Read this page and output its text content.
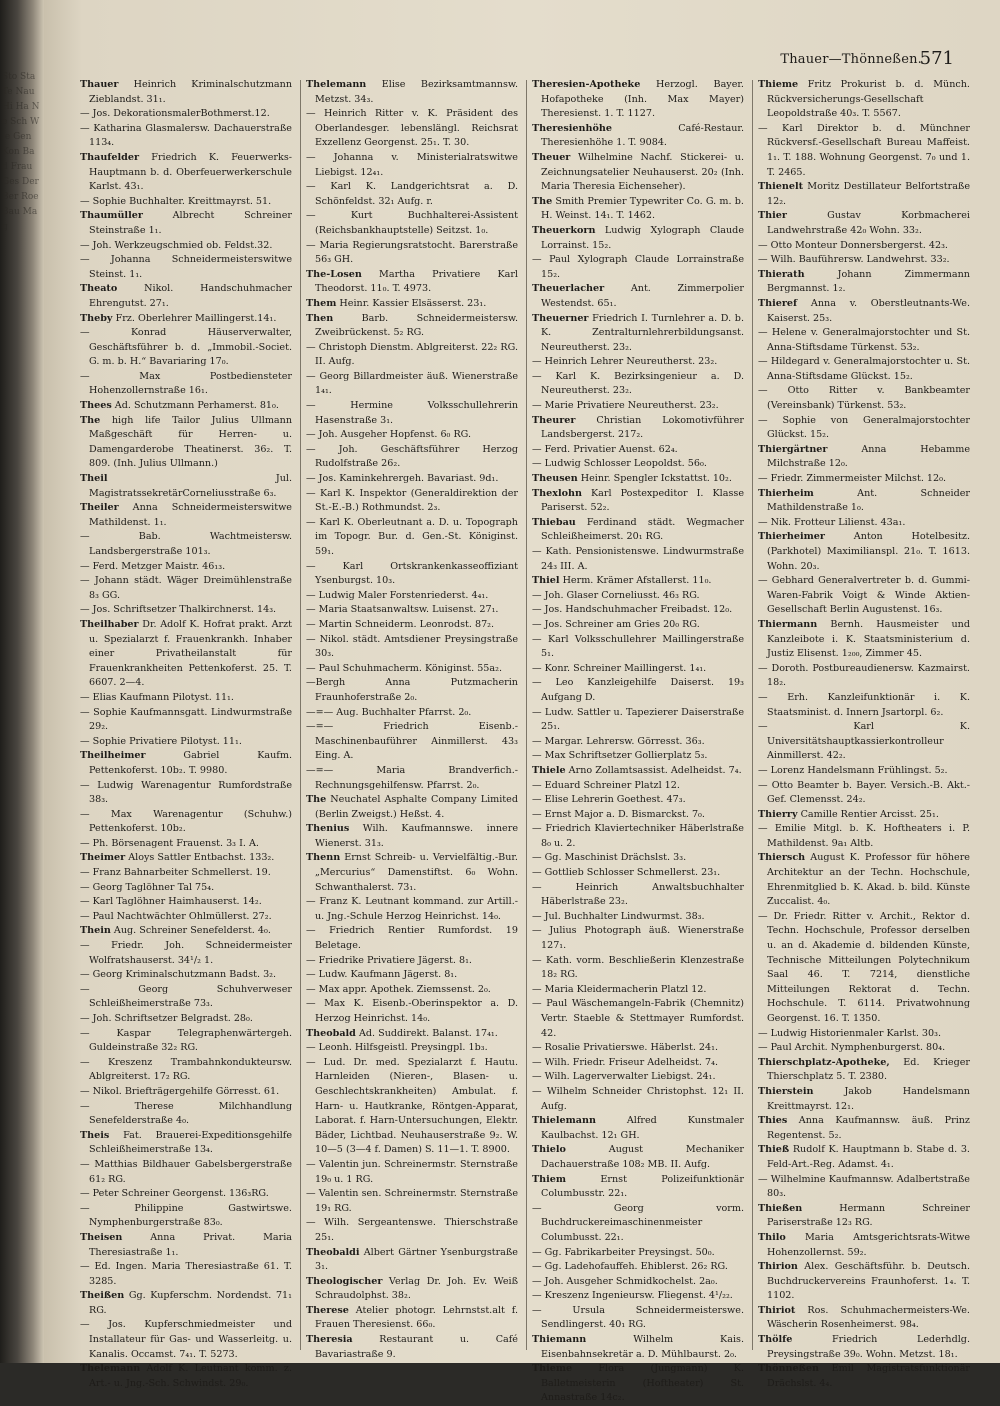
Sto Sta Te Nau Hi Ha Ne Sch Wie Gen Kon Bad Frau Ges Der Ber Roe Bau Mag
Thauer—Thönneßen.
571

Thauer Heinrich Kriminalschutzmann Zieblandst. 31₁.

— Jos. DekorationsmalerBothmerst.12.

— Katharina Glasmalersw. Dachauerstraße 113₄.

Thaufelder Friedrich K. Feuerwerks-Hauptmann b. d. Oberfeuerwerkerschule Karlst. 43₁.

— Sophie Buchhalter. Kreittmayrst. 51.

Thaumüller Albrecht Schreiner Steinstraße 1₁.

— Joh. Werkzeugschmied ob. Feldst.32.

— Johanna Schneidermeisterswitwe Steinst. 1₁.

Theato Nikol. Handschuhmacher Ehrengutst. 27₁.

Theby Frz. Oberlehrer Maillingerst.14₁.

— Konrad Häuserverwalter, Geschäftsführer b. d. „Immobil.-Societ. G. m. b. H.“ Bavariaring 17₀.

— Max Postbediensteter Hohenzollernstraße 16₁.

Thees Ad. Schutzmann Perhamerst. 81₀.

The high life Tailor Julius Ullmann Maßgeschäft für Herren- u. Damengarderobe Theatinerst. 36₂. T. 809. (Inh. Julius Ullmann.)

Theil Jul. MagistratssekretärCorneliusstraße 6₃.

Theiler Anna Schneidermeisterswitwe Mathildenst. 1₁.

— Bab. Wachtmeistersw. Landsbergerstraße 101₃.

— Ferd. Metzger Maistr. 46₁₃.

— Johann städt. Wäger Dreimühlenstraße 8₃ GG.

— Jos. Schriftsetzer Thalkirchnerst. 14₃.

Theilhaber Dr. Adolf K. Hofrat prakt. Arzt u. Spezialarzt f. Frauenkrankh. Inhaber einer Privatheilanstalt für Frauenkrankheiten Pettenkoferst. 25. T. 6607. 2—4.

— Elias Kaufmann Pilotyst. 11₁.

— Sophie Kaufmannsgatt. Lindwurmstraße 29₂.

— Sophie Privatiere Pilotyst. 11₁.

Theilheimer Gabriel Kaufm. Pettenkoferst. 10b₂. T. 9980.

— Ludwig Warenagentur Rumfordstraße 38₃.

— Max Warenagentur (Schuhw.) Pettenkoferst. 10b₂.

— Ph. Börsenagent Frauenst. 3₃ I. A.

Theimer Aloys Sattler Entbachst. 133₂.

— Franz Bahnarbeiter Schmellerst. 19.

— Georg Taglöhner Tal 75₄.

— Karl Taglöhner Haimhauserst. 14₂.

— Paul Nachtwächter Ohlmüllerst. 27₂.

Thein Aug. Schreiner Senefelderst. 4₀.

— Friedr. Joh. Schneidermeister Wolfratshauserst. 34¹/₂ 1.

— Georg Kriminalschutzmann Badst. 3₂.

— Georg Schuhverweser Schleißheimerstraße 73₃.

— Joh. Schriftsetzer Belgradst. 28₀.

— Kaspar Telegraphenwärtergeh. Guldeinstraße 32₂ RG.

— Kreszenz Trambahnkondukteursw. Ablgreiterst. 17₂ RG.

— Nikol. Briefträgergehilfe Görresst. 61.

— Therese Milchhandlung Senefelderstraße 4₀.

Theis Fat. Brauerei-Expeditionsgehilfe Schleißheimerstraße 13₄.

— Matthias Bildhauer Gabelsbergerstraße 61₂ RG.

— Peter Schreiner Georgenst. 136₃RG.

— Philippine Gastwirtswe. Nymphenburgerstraße 83₀.

Theisen Anna Privat. Maria Theresiastraße 1₁.

— Ed. Ingen. Maria Theresiastraße 61. T. 3285.

Theißen Gg. Kupferschm. Nordendst. 71₁ RG.

— Jos. Kupferschmiedmeister und Installateur für Gas- und Wasserleitg. u. Kanalis. Occamst. 7₄₁. T. 5273.

Thelemann Adolf K. Leutnant komm. z. Art.- u. Jng.-Sch. Schwindst. 29₀.

Thelemann Elise Bezirksamtmannsw. Metzst. 34₃.

— Heinrich Ritter v. K. Präsident des Oberlandesger. lebenslängl. Reichsrat Exzellenz Georgenst. 25₁. T. 30.

— Johanna v. Ministerialratswitwe Liebigst. 12₄₁.

— Karl K. Landgerichtsrat a. D. Schönfeldst. 32₁ Aufg. r.

— Kurt Buchhalterei-Assistent (Reichsbankhauptstelle) Seitzst. 1₀.

— Maria Regierungsratstocht. Barerstraße 56₃ GH.

The-Losen Martha Privatiere Karl Theodorst. 11₀. T. 4973.

Them Heinr. Kassier Elsässerst. 23₁.

Then Barb. Schneidermeistersw. Zweibrückenst. 5₂ RG.

— Christoph Dienstm. Ablgreiterst. 22₂ RG. II. Aufg.

— Georg Billardmeister äuß. Wienerstraße 1₄₁.

— Hermine Volksschullehrerin Hasenstraße 3₁.

— Joh. Ausgeher Hopfenst. 6₀ RG.

— Joh. Geschäftsführer Herzog Rudolfstraße 26₂.

— Jos. Kaminkehrergeh. Bavariast. 9d₁.

— Karl K. Inspektor (Generaldirektion der St.-E.-B.) Rothmundst. 2₃.

— Karl K. Oberleutnant a. D. u. Topograph im Topogr. Bur. d. Gen.-St. Königinst. 59₁.

— Karl Ortskrankenkasseoffiziant Ysenburgst. 10₃.

— Ludwig Maler Forstenriederst. 4₄₁.

— Maria Staatsanwaltsw. Luisenst. 27₁.

— Martin Schneiderm. Leonrodst. 87₂.

— Nikol. städt. Amtsdiener Preysingstraße 30₃.

— Paul Schuhmacherm. Königinst. 55a₂.

—Bergh Anna Putzmacherin Fraunhoferstraße 2₀.

—=— Aug. Buchhalter Pfarrst. 2₀.

—=— Friedrich Eisenb.-Maschinenbauführer Ainmillerst. 43₃ Eing. A.

—=— Maria Brandverfich.-Rechnungsgehilfensw. Pfarrst. 2₀.

The Neuchatel Asphalte Company Limited (Berlin Zweigst.) Heßst. 4.

Thenius Wilh. Kaufmannswe. innere Wienerst. 31₃.

Thenn Ernst Schreib- u. Vervielfältig.-Bur. „Mercurius“ Damenstiftst. 6₀ Wohn. Schwanthalerst. 73₁.

— Franz K. Leutnant kommand. zur Artill.- u. Jng.-Schule Herzog Heinrichst. 14₀.

— Friedrich Rentier Rumfordst. 19 Beletage.

— Friedrike Privatiere Jägerst. 8₁.

— Ludw. Kaufmann Jägerst. 8₁.

— Max appr. Apothek. Ziemssenst. 2₀.

— Max K. Eisenb.-Oberinspektor a. D. Herzog Heinrichst. 14₀.

Theobald Ad. Suddirekt. Balanst. 17₄₁.

— Leonh. Hilfsgeistl. Preysingpl. 1b₃.

— Lud. Dr. med. Spezialarzt f. Hautu. Harnleiden (Nieren-, Blasen- u. Geschlechtskrankheiten) Ambulat. f. Harn- u. Hautkranke, Röntgen-Apparat, Laborat. f. Harn-Untersuchungen, Elektr. Bäder, Lichtbad. Neuhauserstraße 9₂. W. 10—5 (3—4 f. Damen) S. 11—1. T. 8900.

— Valentin jun. Schreinermstr. Sternstraße 19₀ u. 1 RG.

— Valentin sen. Schreinermstr. Sternstraße 19₁ RG.

— Wilh. Sergeantenswe. Thierschstraße 25₁.

Theobaldi Albert Gärtner Ysenburgstraße 3₁.

Theologischer Verlag Dr. Joh. Ev. Weiß Schraudolphst. 38₂.

Therese Atelier photogr. Lehrnstst.alt f. Frauen Theresienst. 66₀.

Theresia Restaurant u. Café Bavariastraße 9.

Theresien-Apotheke Herzogl. Bayer. Hofapotheke (Inh. Max Mayer) Theresienst. 1. T. 1127.

Theresienhöhe Café-Restaur. Theresienhöhe 1. T. 9084.

Theuer Wilhelmine Nachf. Stickerei- u. Zeichnungsatelier Neuhauserst. 20₂ (Inh. Maria Theresia Eichenseher).

The Smith Premier Typewriter Co. G. m. b. H. Weinst. 14₁. T. 1462.

Theuerkorn Ludwig Xylograph Claude Lorrainst. 15₂.

— Paul Xylograph Claude Lorrainstraße 15₂.

Theuerlacher Ant. Zimmerpolier Westendst. 65₁.

Theuerner Friedrich I. Turnlehrer a. D. b. K. Zentralturnlehrerbildungsanst. Neureutherst. 23₂.

— Heinrich Lehrer Neureutherst. 23₂.

— Karl K. Bezirksingenieur a. D. Neureutherst. 23₂.

— Marie Privatiere Neureutherst. 23₂.

Theurer Christian Lokomotivführer Landsbergerst. 217₂.

— Ferd. Privatier Auenst. 62₄.

— Ludwig Schlosser Leopoldst. 56₀.

Theusen Heinr. Spengler Ickstattst. 10₂.

Thexlohn Karl Postexpeditor I. Klasse Pariserst. 52₂.

Thiebau Ferdinand städt. Wegmacher Schleißheimerst. 20₁ RG.

— Kath. Pensionistenswe. Lindwurmstraße 24₃ III. A.

Thiel Herm. Krämer Afstallerst. 11₀.

— Joh. Glaser Corneliusst. 46₃ RG.

— Jos. Handschuhmacher Freibadst. 12₀.

— Jos. Schreiner am Gries 20₀ RG.

— Karl Volksschullehrer Maillingerstraße 5₁.

— Konr. Schreiner Maillingerst. 1₄₁.

— Leo Kanzleigehilfe Daiserst. 19₃ Aufgang D.

— Ludw. Sattler u. Tapezierer Daiserstraße 25₁.

— Margar. Lehrersw. Görresst. 36₃.

— Max Schriftsetzer Gollierplatz 5₃.

Thiele Arno Zollamtsassist. Adelheidst. 7₄.

— Eduard Schreiner Platzl 12.

— Elise Lehrerin Goethest. 47₃.

— Ernst Major a. D. Bismarckst. 7₀.

— Friedrich Klaviertechniker Häberlstraße 8₀ u. 2.

— Gg. Maschinist Drächslst. 3₃.

— Gottlieb Schlosser Schmellerst. 23₁.

— Heinrich Anwaltsbuchhalter Häberlstraße 23₂.

— Jul. Buchhalter Lindwurmst. 38₃.

— Julius Photograph äuß. Wienerstraße 127₁.

— Kath. vorm. Beschließerin Klenzestraße 18₂ RG.

— Maria Kleidermacherin Platzl 12.

— Paul Wäschemangeln-Fabrik (Chemnitz) Vertr. Staeble & Stettmayer Rumfordst. 42.

— Rosalie Privatierswe. Häberlst. 24₁.

— Wilh. Friedr. Friseur Adelheidst. 7₄.

— Wilh. Lagerverwalter Liebigst. 24₁.

— Wilhelm Schneider Christophst. 12₁ II. Aufg.

Thielemann Alfred Kunstmaler Kaulbachst. 12₁ GH.

Thielo August Mechaniker Dachauerstraße 108₂ MB. II. Aufg.

Thiem Ernst Polizeifunktionär Columbusstr. 22₁.

— Georg vorm. Buchdruckereimaschinenmeister Columbusst. 22₁.

— Gg. Fabrikarbeiter Preysingst. 50₀.

— Gg. Ladehofauffeh. Ehiblerst. 26₂ RG.

— Joh. Ausgeher Schmidkochelst. 2a₀.

— Kreszenz Ingenieursw. Fliegenst. 4¹/₂₂.

— Ursula Schneidermeisterswe. Sendlingerst. 40₁ RG.

Thiemann Wilhelm Kais. Eisenbahnsekretär a. D. Mühlbaurst. 2₀.

Thieme Flora (Jungmann) K. Balletmeisterin (Hoftheater) St. Annastraße 14c₂.

Thieme Fritz Prokurist b. d. Münch. Rückversicherungs-Gesellschaft Leopoldstraße 40₃. T. 5567.

— Karl Direktor b. d. Münchner Rückversf.-Gesellschaft Bureau Maffeist. 1₁. T. 188. Wohnung Georgenst. 7₀ und 1. T. 2465.

Thienelt Moritz Destillateur Belfortstraße 12₂.

Thier Gustav Korbmacherei Landwehrstraße 42₀ Wohn. 33₂.

— Otto Monteur Donnersbergerst. 42₃.

— Wilh. Bauführersw. Landwehrst. 33₂.

Thierath Johann Zimmermann Bergmannst. 1₂.

Thieref Anna v. Oberstleutnants-We. Kaiserst. 25₃.

— Helene v. Generalmajorstochter und St. Anna-Stiftsdame Türkenst. 53₂.

— Hildegard v. Generalmajorstochter u. St. Anna-Stiftsdame Glückst. 15₂.

— Otto Ritter v. Bankbeamter (Vereinsbank) Türkenst. 53₂.

— Sophie von Generalmajorstochter Glückst. 15₂.

Thiergärtner Anna Hebamme Milchstraße 12₀.

— Friedr. Zimmermeister Milchst. 12₀.

Thierheim Ant. Schneider Mathildenstraße 1₀.

— Nik. Frotteur Lilienst. 43a₁.

Thierheimer Anton Hotelbesitz. (Parkhotel) Maximilianspl. 21₀. T. 1613. Wohn. 20₃.

— Gebhard Generalvertreter b. d. Gummi-Waren-Fabrik Voigt & Winde Aktien-Gesellschaft Berlin Augustenst. 16₃.

Thiermann Bernh. Hausmeister und Kanzleibote i. K. Staatsministerium d. Justiz Elisenst. 1₂₀₀, Zimmer 45.

— Doroth. Postbureaudienersw. Kazmairst. 18₂.

— Erh. Kanzleifunktionär i. K. Staatsminist. d. Innern Jsartorpl. 6₂.

— Karl K. Universitätshauptkassierkontrolleur Ainmillerst. 42₂.

— Lorenz Handelsmann Frühlingst. 5₂.

— Otto Beamter b. Bayer. Versich.-B. Akt.-Gef. Clemensst. 24₂.

Thierry Camille Rentier Arcisst. 25₁.

— Emilie Mitgl. b. K. Hoftheaters i. P. Mathildenst. 9a₁ Altb.

Thiersch August K. Professor für höhere Architektur an der Techn. Hochschule, Ehrenmitglied b. K. Akad. b. bild. Künste Zuccalist. 4₀.

— Dr. Friedr. Ritter v. Archit., Rektor d. Techn. Hochschule, Professor derselben u. an d. Akademie d. bildenden Künste, Technische Mitteilungen Polytechnikum Saal 46. T. 7214, dienstliche Mitteilungen Rektorat d. Techn. Hochschule. T. 6114. Privatwohnung Georgenst. 16. T. 1350.

— Ludwig Historienmaler Karlst. 30₃.

— Paul Archit. Nymphenburgerst. 80₄.

Thierschplatz-Apotheke, Ed. Krieger Thierschplatz 5. T. 2380.

Thierstein Jakob Handelsmann Kreittmayrst. 12₁.

Thies Anna Kaufmannsw. äuß. Prinz Regentenst. 5₂.

Thieß Rudolf K. Hauptmann b. Stabe d. 3. Feld-Art.-Reg. Adamst. 4₁.

— Wilhelmine Kaufmannsw. Adalbertstraße 80₃.

Thießen Hermann Schreiner Pariserstraße 12₃ RG.

Thilo Maria Amtsgerichtsrats-Witwe Hohenzollernst. 59₂.

Thirion Alex. Geschäftsführ. b. Deutsch. Buchdruckervereins Fraunhoferst. 1₄. T. 1102.

Thiriot Ros. Schuhmachermeisters-We. Wäscherin Rosenheimerst. 98₄.

Thölfe Friedrich Lederhdlg. Preysingstraße 39₀. Wohn. Metzst. 18₁.

Thönneßen Emil Magistratsfunktionär Drächslst. 4₄.
